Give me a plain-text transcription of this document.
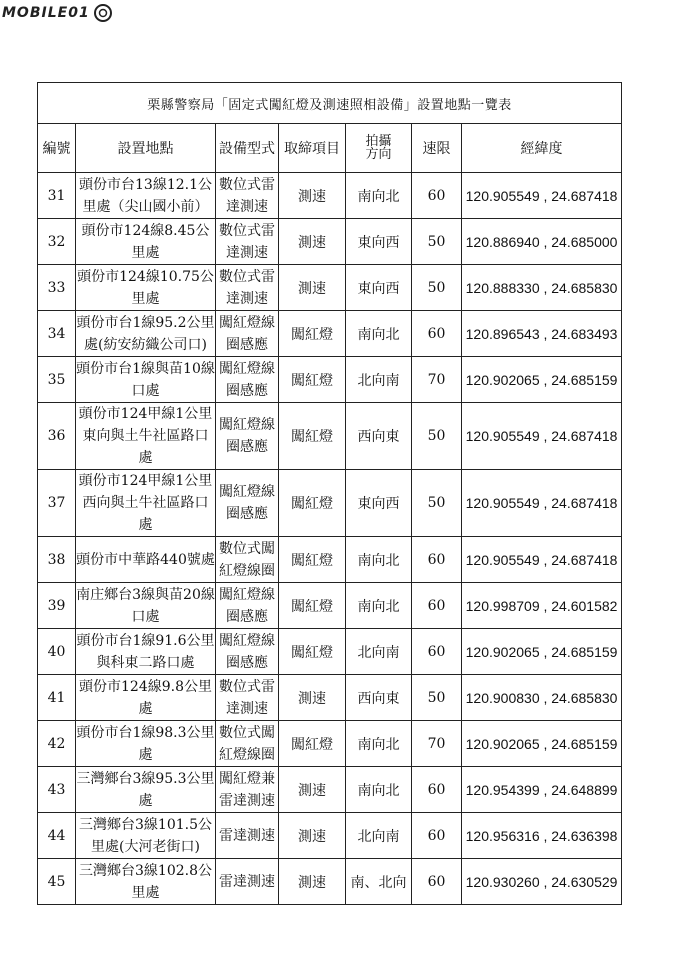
MOBILE01
栗縣警察局「固定式闖紅燈及測速照相設備」設置地點一覽表						
編號	設置地點	設備型式	取締項目	拍攝方向	速限	經緯度
31	頭份市台13線12.1公里處（尖山國小前）	數位式雷達測速	測速	南向北	60	120.905549 , 24.687418
32	頭份市124線8.45公里處	數位式雷達測速	測速	東向西	50	120.886940 , 24.685000
33	頭份市124線10.75公里處	數位式雷達測速	測速	東向西	50	120.888330 , 24.685830
34	頭份市台1線95.2公里處(紡安紡織公司口)	闖紅燈線圈感應	闖紅燈	南向北	60	120.896543 , 24.683493
35	頭份市台1線與苗10線口處	闖紅燈線圈感應	闖紅燈	北向南	70	120.902065 , 24.685159
36	頭份市124甲線1公里東向與土牛社區路口處	闖紅燈線圈感應	闖紅燈	西向東	50	120.905549 , 24.687418
37	頭份市124甲線1公里西向與土牛社區路口處	闖紅燈線圈感應	闖紅燈	東向西	50	120.905549 , 24.687418
38	頭份市中華路440號處	數位式闖紅燈線圈	闖紅燈	南向北	60	120.905549 , 24.687418
39	南庄鄉台3線與苗20線口處	闖紅燈線圈感應	闖紅燈	南向北	60	120.998709 , 24.601582
40	頭份市台1線91.6公里與科東二路口處	闖紅燈線圈感應	闖紅燈	北向南	60	120.902065 , 24.685159
41	頭份市124線9.8公里處	數位式雷達測速	測速	西向東	50	120.900830 , 24.685830
42	頭份市台1線98.3公里處	數位式闖紅燈線圈	闖紅燈	南向北	70	120.902065 , 24.685159
43	三灣鄉台3線95.3公里處	闖紅燈兼雷達測速	測速	南向北	60	120.954399 , 24.648899
44	三灣鄉台3線101.5公里處(大河老街口)	雷達測速	測速	北向南	60	120.956316 , 24.636398
45	三灣鄉台3線102.8公里處	雷達測速	測速	南、北向	60	120.930260 , 24.630529
